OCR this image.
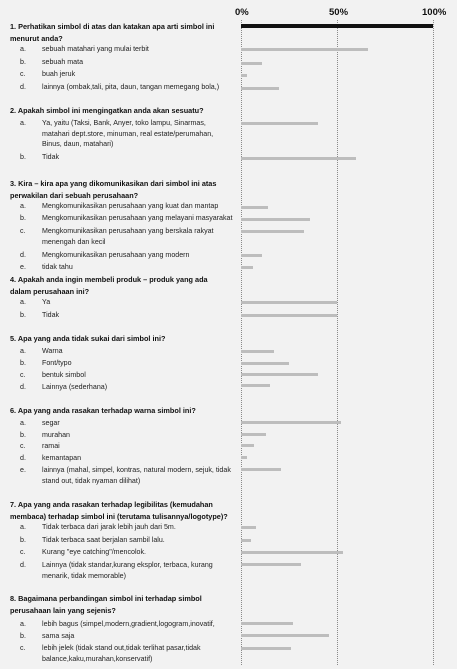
0%	50%	100%
1. Perhatikan simbol di atas dan katakan apa arti simbol ini menurut anda?
a. sebuah matahari yang mulai terbit
b. sebuah mata
c. buah jeruk
d. lainnya (ombak,tali, pita, daun, tangan memegang bola,)
2. Apakah simbol ini mengingatkan anda akan sesuatu?
a. Ya, yaitu (Taksi, Bank, Anyer, toko lampu, Sinarmas, matahari dept.store, minuman, real estate/perumahan, Binus, daun, matahari)
b. Tidak
3. Kira – kira apa yang dikomunikasikan dari simbol ini atas perwakilan dari sebuah perusahaan?
a. Mengkomunikasikan perusahaan yang kuat dan mantap
b. Mengkomunikasikan perusahaan yang melayani masyarakat
c. Mengkomunikasikan perusahaan yang berskala rakyat menengah dan kecil
d. Mengkomunikasikan perusahaan yang modern
e. tidak tahu
4. Apakah anda ingin membeli produk – produk yang ada dalam perusahaan ini?
a. Ya
b. Tidak
5. Apa yang anda tidak sukai dari simbol ini?
a. Warna
b. Font/typo
c. bentuk simbol
d. Lainnya (sederhana)
6. Apa yang anda rasakan terhadap warna simbol ini?
a. segar
b. murahan
c. ramai
d. kemantapan
e. lainnya (mahal, simpel, kontras, natural modern, sejuk, tidak stand out, tidak nyaman dilihat)
7. Apa yang anda rasakan terhadap legibilitas (kemudahan membaca) terhadap simbol ini (terutama tulisannya/logotype)?
a. Tidak terbaca dari jarak lebih jauh dari 5m.
b. Tidak terbaca saat berjalan sambil lalu.
c. Kurang "eye catching"/mencolok.
d. Lainnya (tidak standar,kurang eksplor, terbaca, kurang menarik, tidak memorable)
8. Bagaimana perbandingan simbol ini terhadap simbol perusahaan lain yang sejenis?
a. lebih bagus (simpel,modern,gradient,logogram,inovatif,
b. sama saja
c. lebih jelek (tidak stand out,tidak terlihat pasar,tidak balance,kaku,murahan,konservatif)
